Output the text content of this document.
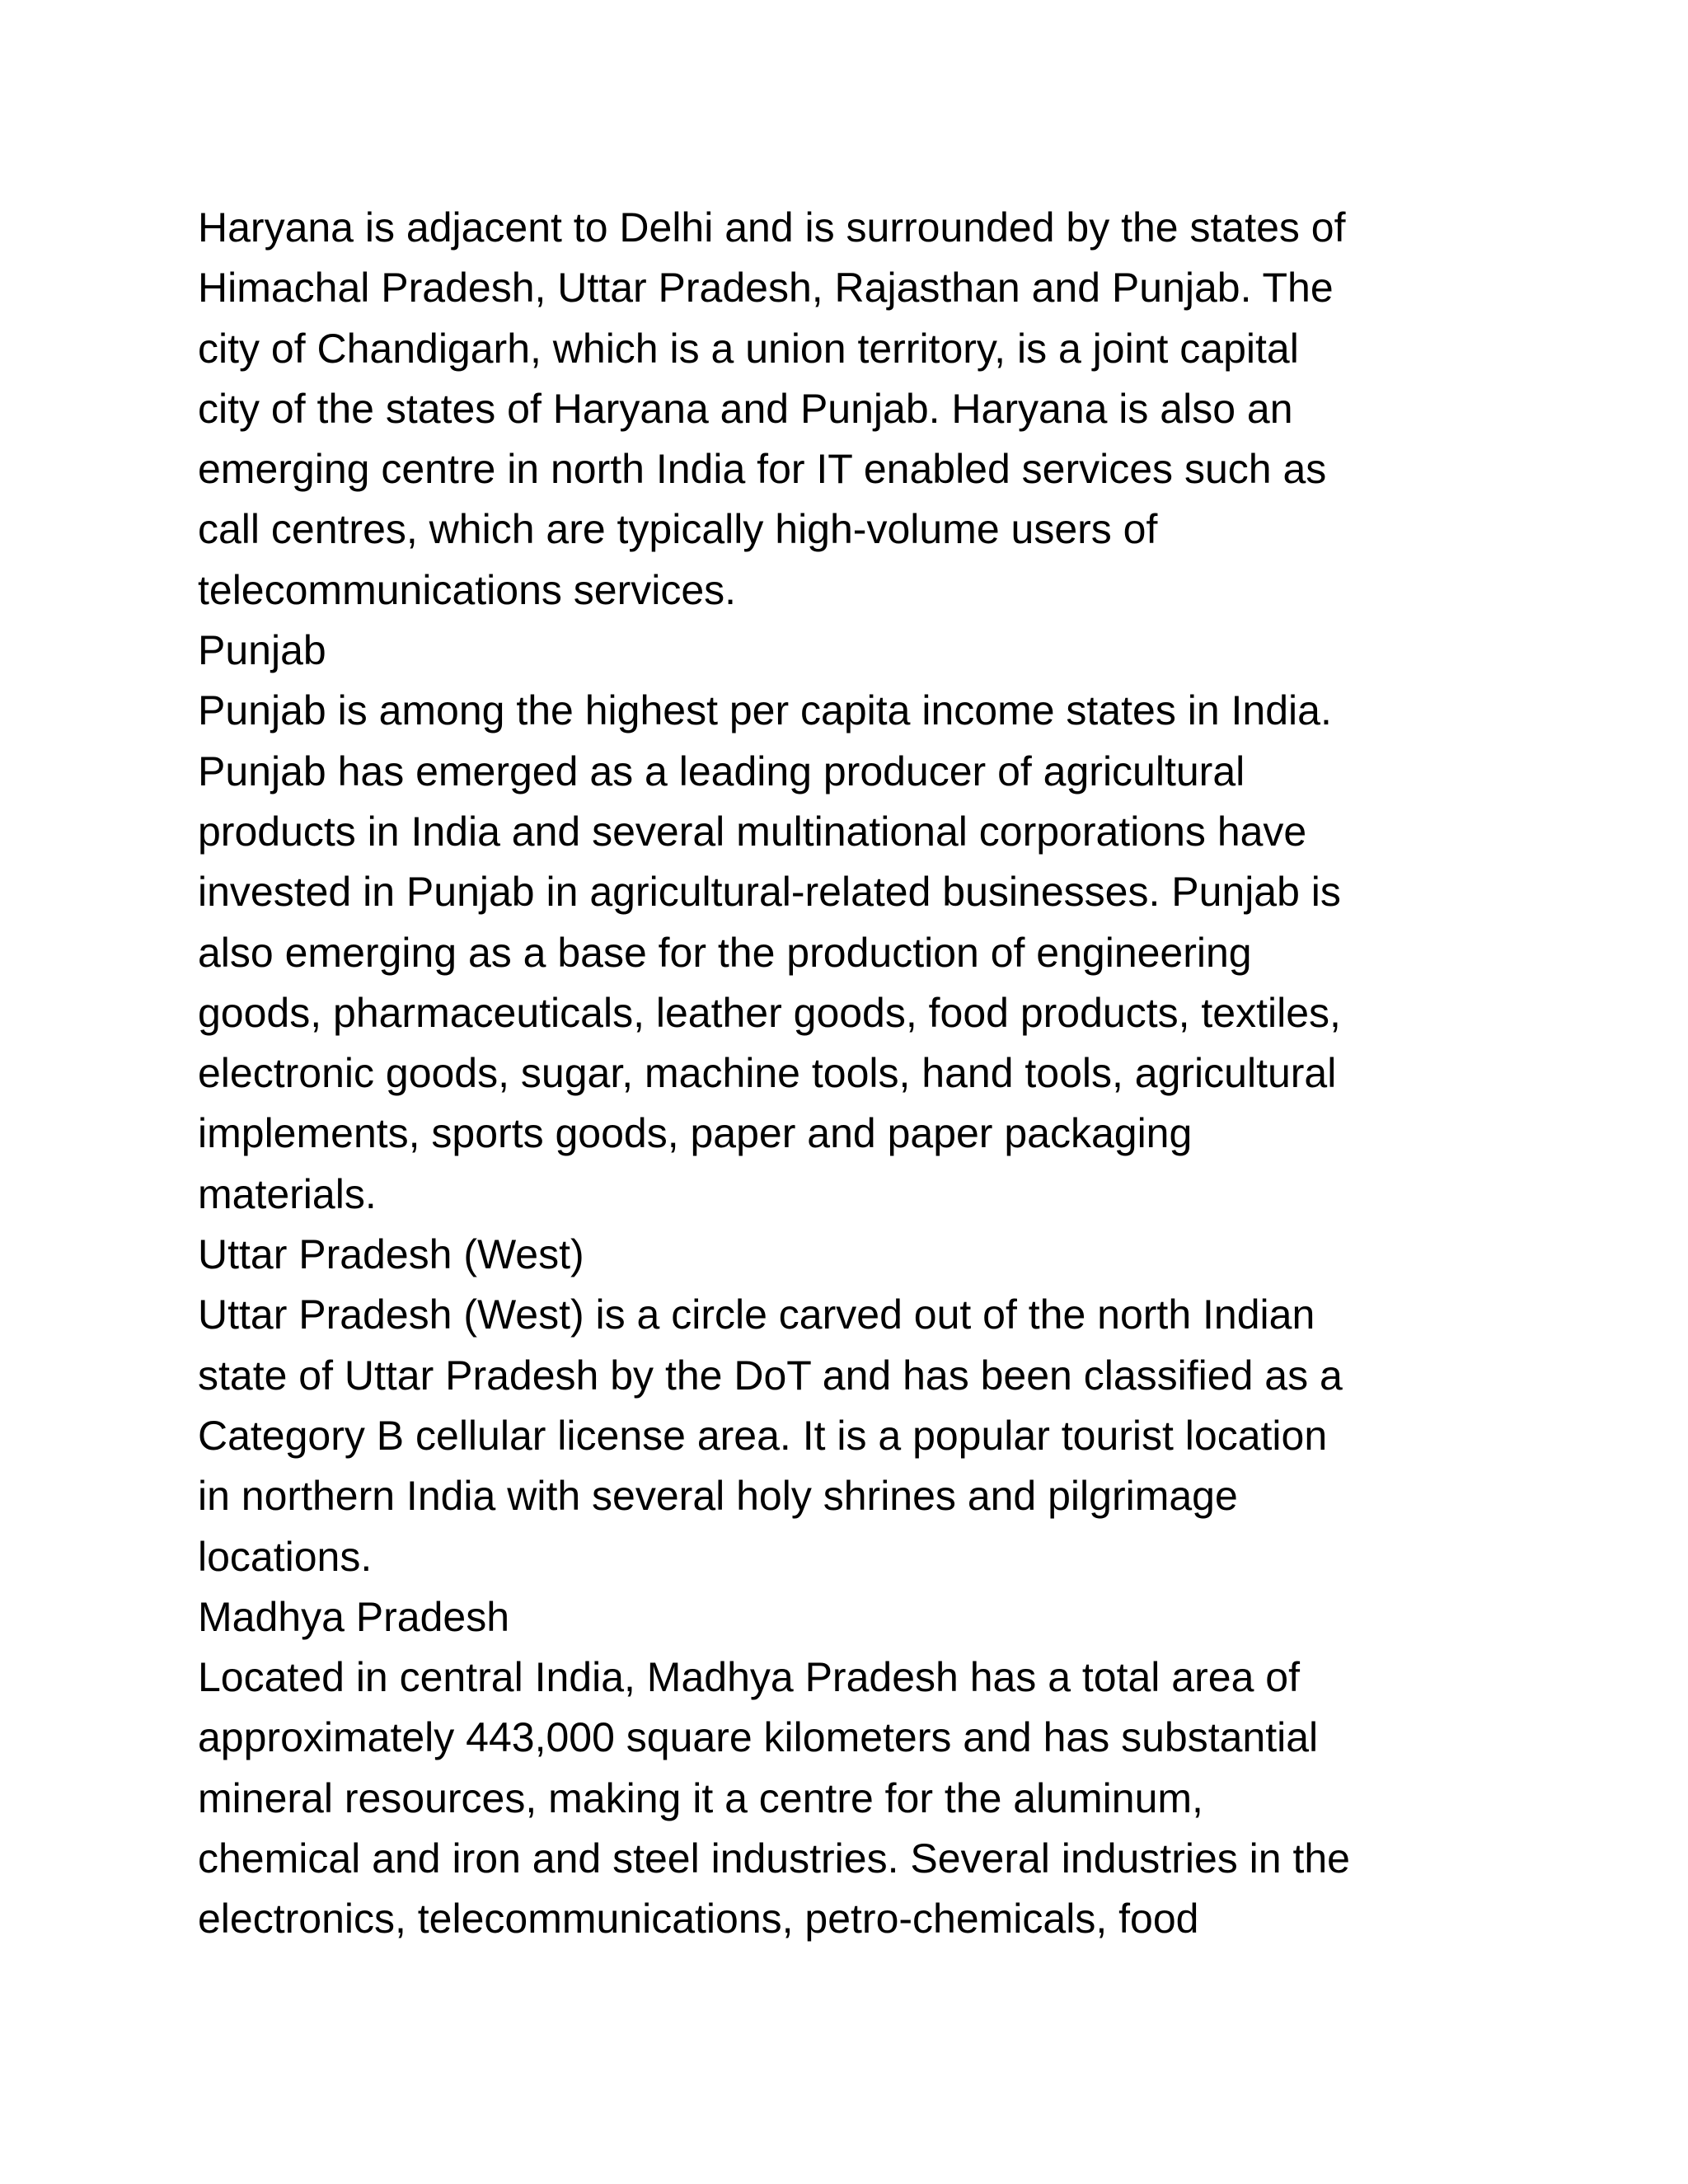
Haryana is adjacent to Delhi and is surrounded by the states of
Himachal Pradesh, Uttar Pradesh, Rajasthan and Punjab. The
city of Chandigarh, which is a union territory, is a joint capital
city of the states of Haryana and Punjab. Haryana is also an
emerging centre in north India for IT enabled services such as
call centres, which are typically high-volume users of
telecommunications services.
Punjab
Punjab is among the highest per capita income states in India.
Punjab has emerged as a leading producer of agricultural
products in India and several multinational corporations have
invested in Punjab in agricultural-related businesses. Punjab is
also emerging as a base for the production of engineering
goods, pharmaceuticals, leather goods, food products, textiles,
electronic goods, sugar, machine tools, hand tools, agricultural
implements, sports goods, paper and paper packaging
materials.
Uttar Pradesh (West)
Uttar Pradesh (West) is a circle carved out of the north Indian
state of Uttar Pradesh by the DoT and has been classified as a
Category B cellular license area. It is a popular tourist location
in northern India with several holy shrines and pilgrimage
locations.
Madhya Pradesh
Located in central India, Madhya Pradesh has a total area of
approximately 443,000 square kilometers and has substantial
mineral resources, making it a centre for the aluminum,
chemical and iron and steel industries. Several industries in the
electronics, telecommunications, petro-chemicals, food
